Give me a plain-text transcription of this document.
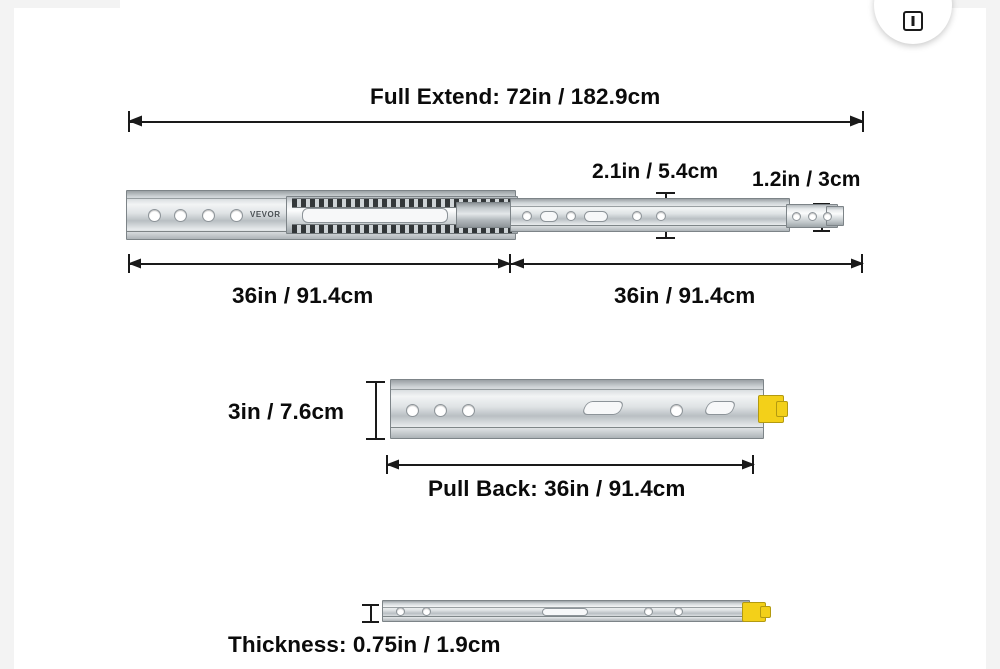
Full Extend: 72in / 182.9cm
2.1in / 5.4cm 1.2in / 3cm
VEVOR
36in / 91.4cm	36in / 91.4cm
3in / 7.6cm
Pull Back: 36in / 91.4cm
Thickness: 0.75in / 1.9cm
